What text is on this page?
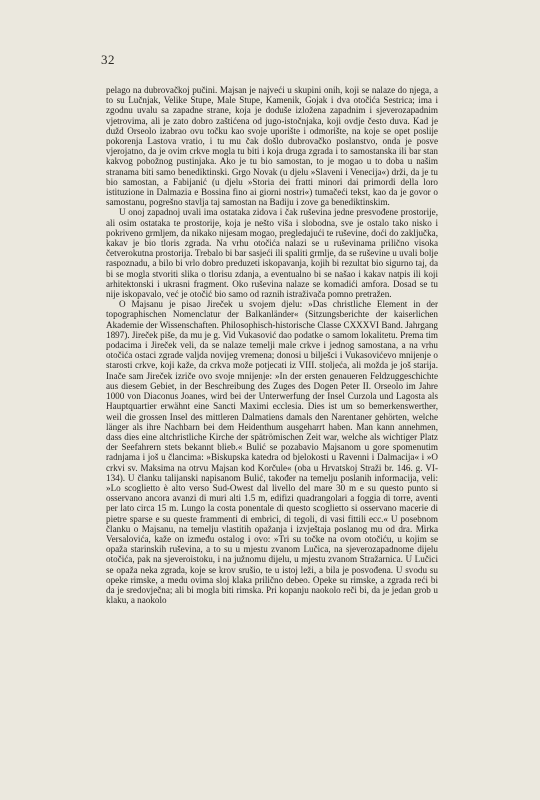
32

pelago na dubrovačkoj pučini. Majsan je najveći u skupini onih, koji se nalaze do njega, a to su Lučnjak, Velike Stupe, Male Stupe, Kamenik, Gojak i dva otočića Sestrica; ima i zgodnu uvalu sa zapadne strane, koja je doduše izložena zapadnim i sjeverozapadnim vjetrovima, ali je zato dobro zaštićena od jugo-istočnjaka, koji ovdje često duva. Kad je dužd Orseolo izabrao ovu točku kao svoje uporište i odmorište, na koje se opet poslije pokorenja Lastova vratio, i tu mu čak došlo dubrovačko poslanstvo, onda je posve vjerojatno, da je ovim crkve mogla tu biti i koja druga zgrada i to samostanska ili bar stan kakvog pobožnog pustinjaka. Ako je tu bio samostan, to je mogao u to doba u našim stranama biti samo benediktinski. Grgo Novak (u djelu »Slaveni i Venecija«) drži, da je tu bio samostan, a Fabijanić (u djelu »Storia dei fratti minori dai primordi della loro istituzione in Dalmazia e Bossina fino ai giorni nostri«) tumačeći tekst, kao da je govor o samostanu, pogrešno stavlja taj samostan na Badiju i zove ga benediktinskim.

U onoj zapadnoj uvali ima ostataka zidova i čak ruševina jedne presvođene prostorije, ali osim ostataka te prostorije, koja je nešto viša i slobodna, sve je ostalo tako nisko i pokriveno grmljem, da nikako nijesam mogao, pregledajući te ruševine, doći do zaključka, kakav je bio tloris zgrada. Na vrhu otočića nalazi se u ruševinama prilično visoka četverokutna prostorija. Trebalo bi bar sasjeći ili spaliti grmlje, da se ruševine u uvali bolje raspoznadu, a bilo bi vrlo dobro preduzeti iskopavanja, kojih bi rezultat bio sigurno taj, da bi se mogla stvoriti slika o tlorisu zdanja, a eventualno bi se našao i kakav natpis ili koji arhitektonski i ukrasni fragment. Oko ruševina nalaze se komadići amfora. Dosad se tu nije iskopavalo, već je otočić bio samo od raznih istraživača pomno pretražen.

O Majsanu je pisao Jireček u svojem djelu: »Das christliche Element in der topographischen Nomenclatur der Balkanländer« (Sitzungsberichte der kaiserlichen Akademie der Wissenschaften. Philosophisch-historische Classe CXXXVI Band. Jahrgang 1897). Jireček piše, da mu je g. Vid Vukasović dao podatke o samom lokalitetu. Prema tim podacima i Jireček veli, da se nalaze temelji male crkve i jednog samostana, a na vrhu otočića ostaci zgrade valjda novijeg vremena; donosi u bilješci i Vukasovićevo mnijenje o starosti crkve, koji kaže, da crkva može potjecati iz VIII. stoljeća, ali možda je još starija. Inače sam Jireček izriče ovo svoje mnijenje: »In der ersten genaueren Feldzuggeschichte aus diesem Gebiet, in der Beschreibung des Zuges des Dogen Peter II. Orseolo im Jahre 1000 von Diaconus Joanes, wird bei der Unterwerfung der Insel Curzola und Lagosta als Hauptquartier erwähnt eine Sancti Maximi ecclesia. Dies ist um so bemerkenswerther, weil die grossen Insel des mittleren Dalmatiens damals den Narentaner gehörten, welche länger als ihre Nachbarn bei dem Heidenthum ausgeharrt haben. Man kann annehmen, dass dies eine altchristliche Kirche der spätrömischen Zeit war, welche als wichtiger Platz der Seefahrern stets bekannt blieb.« Bulić se pozabavio Majsanom u gore spomenutim radnjama i još u člancima: »Biskupska katedra od bjelokosti u Ravenni i Dalmacija« i »O crkvi sv. Maksima na otrvu Majsan kod Korčule« (oba u Hrvatskoj Straži br. 146. g. VI-134). U članku talijanski napisanom Bulić, također na temelju poslanih informacija, veli: »Lo scoglietto è alto verso Sud-Owest dal livello del mare 30 m e su questo punto si osservano ancora avanzi di muri alti 1.5 m, edifizi quadrangolari a foggia di torre, aventi per lato circa 15 m. Lungo la costa ponentale di questo scoglietto si osservano macerie di pietre sparse e su queste frammenti di embrici, di tegoli, di vasi fittili ecc.« U posebnom članku o Majsanu, na temelju vlastitih opažanja i izvještaja poslanog mu od dra. Mirka Versalovića, kaže on između ostalog i ovo: »Tri su točke na ovom otočiću, u kojim se opaža starinskih ruševina, a to su u mjestu zvanom Lučica, na sjeverozapadnome dijelu otočića, pak na sjeveroistoku, i na južnomu dijelu, u mjestu zvanom Stražarnica. U Lučici se opaža neka zgrada, koje se krov srušio, te u istoj leži, a bila je posvođena. U svodu su opeke rimske, a medu ovima sloj klaka prilično debeo. Opeke su rimske, a zgrada reći bi da je sredovječna; ali bi mogla biti rimska. Pri kopanju naokolo reči bi, da je jedan grob u klaku, a naokolo
